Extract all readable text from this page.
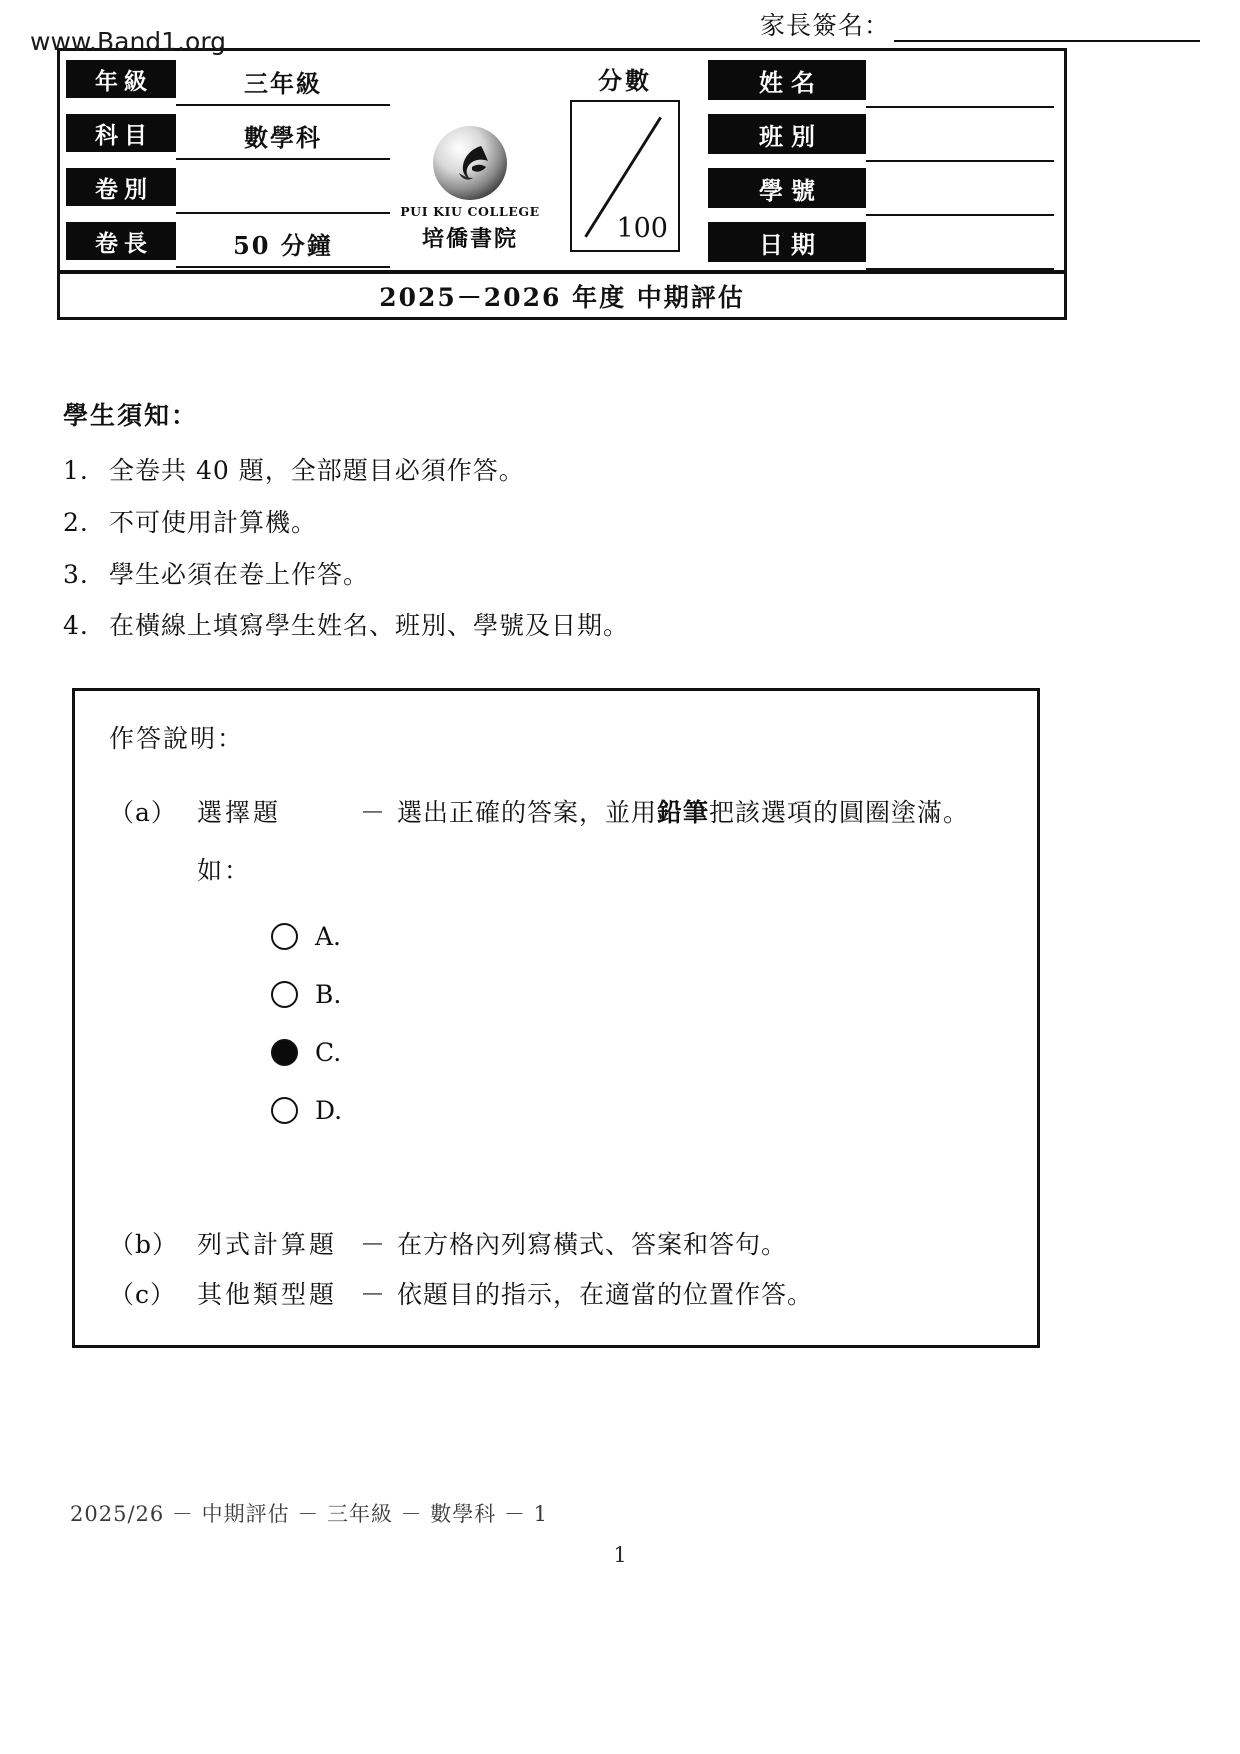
家長簽名：
www.Band1.org
年級	三年級
科目	數學科
卷別
卷長	50 分鐘
PUI KIU COLLEGE
培僑書院
分數
100
姓名
班別
學號
日期
2025－2026 年度 中期評估
學生須知：
1. 全卷共 40 題，全部題目必須作答。
2. 不可使用計算機。
3. 學生必須在卷上作答。
4. 在橫線上填寫學生姓名、班別、學號及日期。
作答說明：
（a） 選擇題	－ 選出正確的答案，並用鉛筆把該選項的圓圈塗滿。
如：
A.
B.
C.
D.
（b） 列式計算題 － 在方格內列寫橫式、答案和答句。
（c） 其他類型題 － 依題目的指示，在適當的位置作答。
2025/26 － 中期評估 － 三年級 － 數學科 － 1
1
